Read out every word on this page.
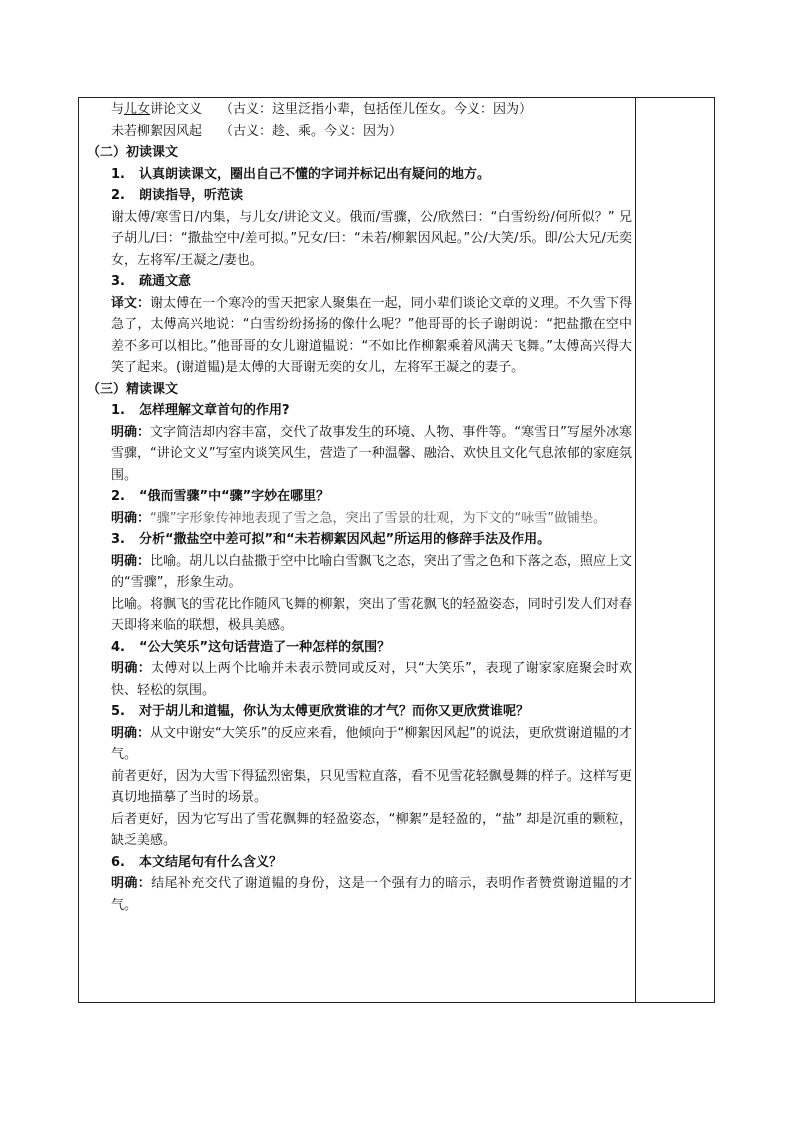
与儿女讲论文义 （古义：这里泛指小辈，包括侄儿侄女。今义：因为）
未若柳絮因风起 （古义：趁、乘。今义：因为）
（二）初读课文
1. 认真朗读课文，圈出自己不懂的字词并标记出有疑问的地方。
2. 朗读指导，听范读
谢太傅/寒雪日/内集，与儿女/讲论文义。俄而/雪骤，公/欣然曰：“白雪纷纷/何所似？” 兄子胡儿/曰：“撒盐空中/差可拟。”兄女/曰：“未若/柳絮因风起。”公/大笑/乐。即/公大兄/无奕女，左将军/王凝之/妻也。
3. 疏通文意
译文：谢太傅在一个寒冷的雪天把家人聚集在一起，同小辈们谈论文章的义理。不久雪下得急了，太傅高兴地说：“白雪纷纷扬扬的像什么呢？”他哥哥的长子谢朗说：“把盐撒在空中差不多可以相比。”他哥哥的女儿谢道韫说：“不如比作柳絮乘着风满天飞舞。”太傅高兴得大笑了起来。(谢道韫)是太傅的大哥谢无奕的女儿，左将军王凝之的妻子。
（三）精读课文
1. 怎样理解文章首句的作用?
明确：文字简洁却内容丰富，交代了故事发生的环境、人物、事件等。“寒雪日”写屋外冰寒雪骤，“讲论文义”写室内谈笑风生，营造了一种温馨、融洽、欢快且文化气息浓郁的家庭氛围。
2. “俄而雪骤”中“骤”字妙在哪里？
明确：“骤”字形象传神地表现了雪之急，突出了雪景的壮观，为下文的“咏雪”做铺垫。
3. 分析“撒盐空中差可拟”和“未若柳絮因风起”所运用的修辞手法及作用。
明确：比喻。胡儿以白盐撒于空中比喻白雪飘飞之态，突出了雪之色和下落之态，照应上文的“雪骤”，形象生动。
比喻。将飘飞的雪花比作随风飞舞的柳絮，突出了雪花飘飞的轻盈姿态，同时引发人们对春天即将来临的联想，极具美感。
4. “公大笑乐”这句话营造了一种怎样的氛围？
明确：太傅对以上两个比喻并未表示赞同或反对，只“大笑乐”，表现了谢家家庭聚会时欢快、轻松的氛围。
5. 对于胡儿和道韫，你认为太傅更欣赏谁的才气？而你又更欣赏谁呢？
明确：从文中谢安“大笑乐”的反应来看，他倾向于“柳絮因风起”的说法，更欣赏谢道韫的才气。
前者更好，因为大雪下得猛烈密集，只见雪粒直落，看不见雪花轻飘曼舞的样子。这样写更真切地描摹了当时的场景。
后者更好，因为它写出了雪花飘舞的轻盈姿态，“柳絮”是轻盈的，“盐” 却是沉重的颗粒，缺乏美感。
6. 本文结尾句有什么含义？
明确：结尾补充交代了谢道韫的身份，这是一个强有力的暗示，表明作者赞赏谢道韫的才气。
